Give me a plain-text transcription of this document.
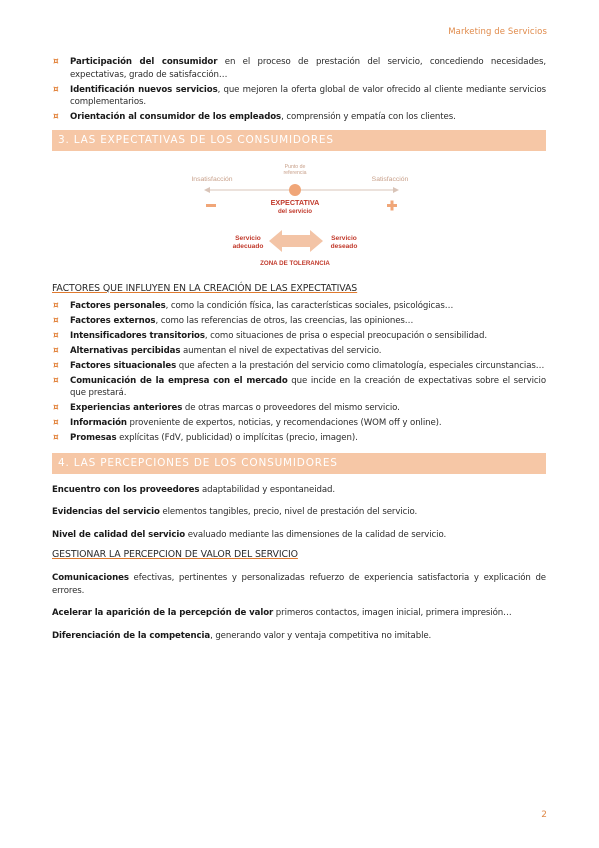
Marketing de Servicios
¤ Participación del consumidor en el proceso de prestación del servicio, concediendo necesidades, expectativas, grado de satisfacción…
¤ Identificación nuevos servicios, que mejoren la oferta global de valor ofrecido al cliente mediante servicios complementarios.
¤ Orientación al consumidor de los empleados, comprensión y empatía con los clientes.
3. LAS EXPECTATIVAS DE LOS CONSUMIDORES
Insatisfacción
Punto de
referencia
Satisfacción
EXPECTATIVA
del servicio
Servicio
adecuado
Servicio
deseado
ZONA DE TOLERANCIA
FACTORES QUE INFLUYEN EN LA CREACIÓN DE LAS EXPECTATIVAS
¤ Factores personales, como la condición física, las características sociales, psicológicas…
¤ Factores externos, como las referencias de otros, las creencias, las opiniones…
¤ Intensificadores transitorios, como situaciones de prisa o especial preocupación o sensibilidad.
¤ Alternativas percibidas aumentan el nivel de expectativas del servicio.
¤ Factores situacionales que afecten a la prestación del servicio como climatología, especiales circunstancias…
¤ Comunicación de la empresa con el mercado que incide en la creación de expectativas sobre el servicio que prestará.
¤ Experiencias anteriores de otras marcas o proveedores del mismo servicio.
¤ Información proveniente de expertos, noticias, y recomendaciones (WOM off y online).
¤ Promesas explícitas (FdV, publicidad) o implícitas (precio, imagen).
4. LAS PERCEPCIONES DE LOS CONSUMIDORES

Encuentro con los proveedores adaptabilidad y espontaneidad.

Evidencias del servicio elementos tangibles, precio, nivel de prestación del servicio.

Nivel de calidad del servicio evaluado mediante las dimensiones de la calidad de servicio.

GESTIONAR LA PERCEPCION DE VALOR DEL SERVICIO

Comunicaciones efectivas, pertinentes y personalizadas refuerzo de experiencia satisfactoria y explicación de errores.

Acelerar la aparición de la percepción de valor primeros contactos, imagen inicial, primera impresión…

Diferenciación de la competencia, generando valor y ventaja competitiva no imitable.

2
